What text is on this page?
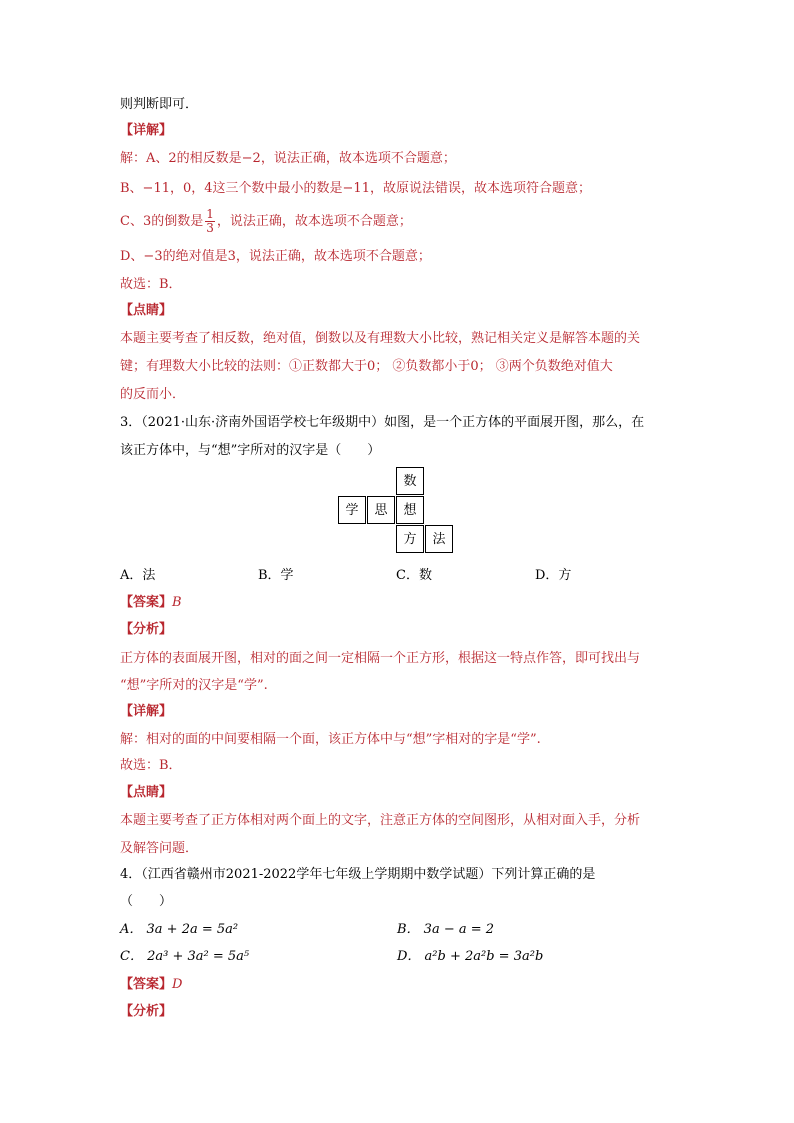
则判断即可．
【详解】
解：A、2的相反数是−2，说法正确，故本选项不合题意；
B、−11，0，4这三个数中最小的数是−11，故原说法错误，故本选项符合题意；
C、3的倒数是 $\frac{1}{3}$ ，说法正确，故本选项不合题意；
D、−3的绝对值是3，说法正确，故本选项不合题意；
故选：B．
【点睛】
本题主要考查了相反数，绝对值，倒数以及有理数大小比较，熟记相关定义是解答本题的关
键；有理数大小比较的法则：①正数都大于0； ②负数都小于0； ③两个负数绝对值大
的反而小．
3．（2021·山东·济南外国语学校七年级期中）如图，是一个正方体的平面展开图，那么，在
该正方体中，与“想”字所对的汉字是（　　）
数
学	思	想
方	法
A．法	B．学	C．数	D．方
【答案】B
【分析】
正方体的表面展开图，相对的面之间一定相隔一个正方形，根据这一特点作答，即可找出与
“想”字所对的汉字是“学”.
【详解】
解：相对的面的中间要相隔一个面，该正方体中与“想”字相对的字是“学”.
故选：B．
【点睛】
本题主要考查了正方体相对两个面上的文字，注意正方体的空间图形，从相对面入手，分析
及解答问题．
4．（江西省赣州市2021-2022学年七年级上学期期中数学试题）下列计算正确的是
（　　）
A． 3a + 2a = 5a²	B． 3a − a = 2
C． 2a³ + 3a² = 5a⁵	D． a²b + 2a²b = 3a²b
【答案】D
【分析】
